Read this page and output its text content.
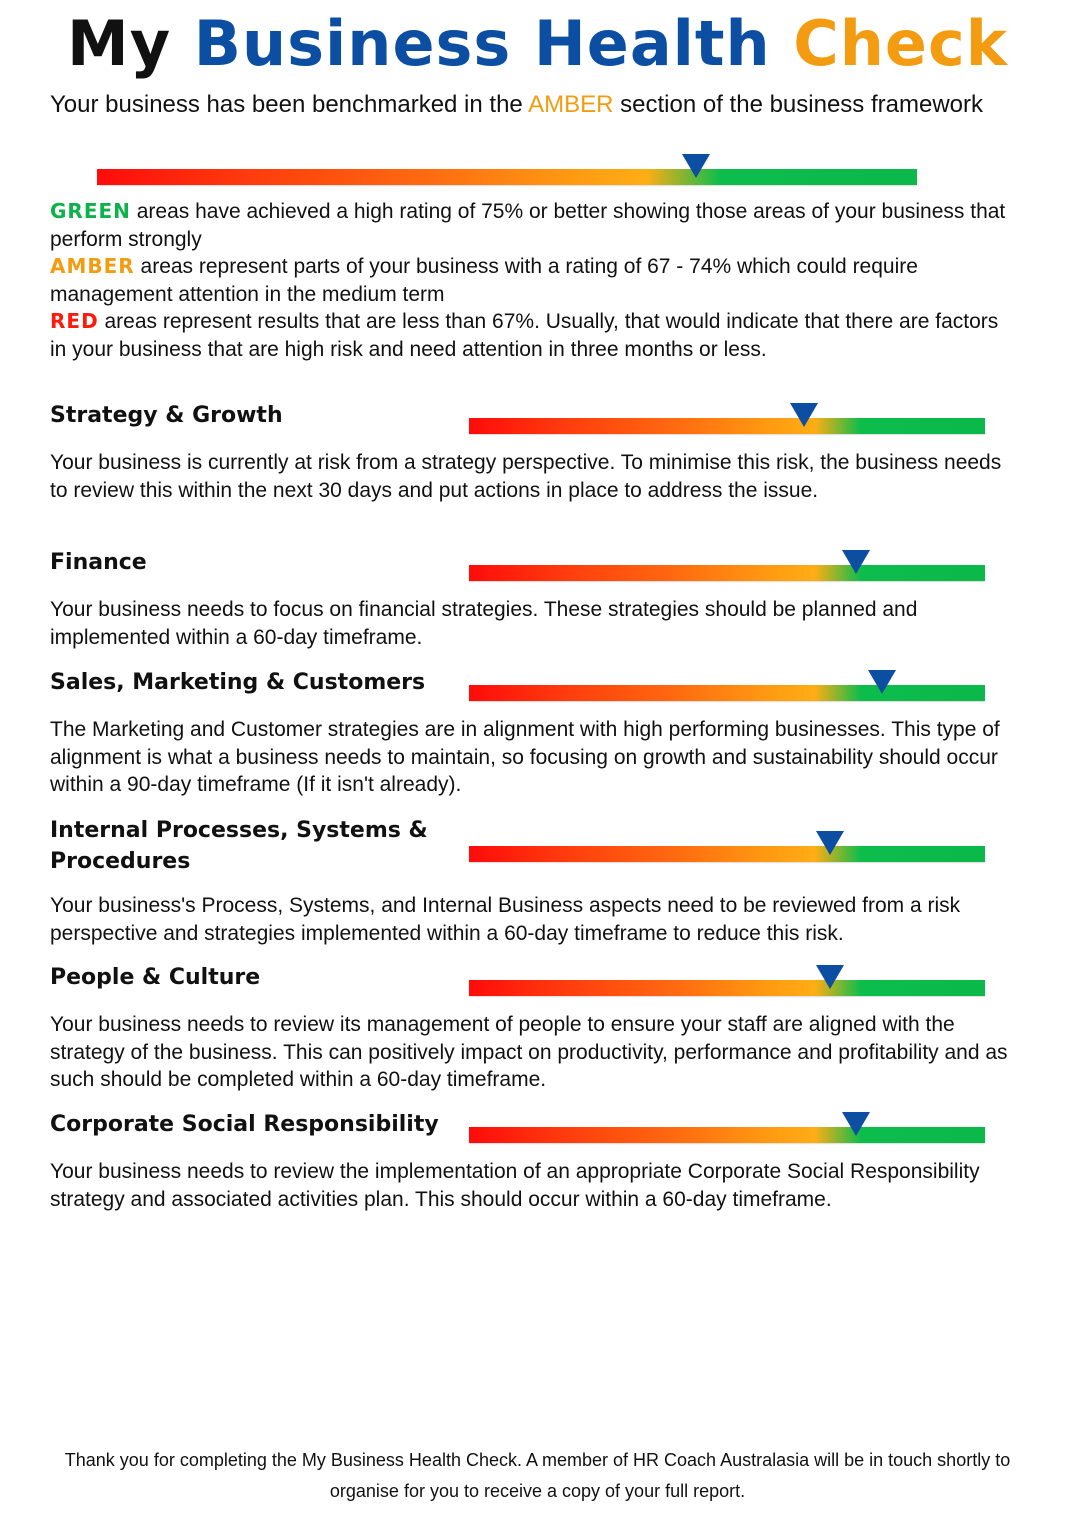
My Business Health Check

Your business has been benchmarked in the AMBER section of the business framework

GREEN areas have achieved a high rating of 75% or better showing those areas of your business that perform strongly
AMBER areas represent parts of your business with a rating of 67 - 74% which could require management attention in the medium term
RED areas represent results that are less than 67%. Usually, that would indicate that there are factors in your business that are high risk and need attention in three months or less.
Strategy & Growth

Your business is currently at risk from a strategy perspective. To minimise this risk, the business needs to review this within the next 30 days and put actions in place to address the issue.

Finance

Your business needs to focus on financial strategies. These strategies should be planned and implemented within a 60-day timeframe.

Sales, Marketing & Customers

The Marketing and Customer strategies are in alignment with high performing businesses. This type of alignment is what a business needs to maintain, so focusing on growth and sustainability should occur within a 90-day timeframe (If it isn't already).

Internal Processes, Systems & Procedures

Your business's Process, Systems, and Internal Business aspects need to be reviewed from a risk perspective and strategies implemented within a 60-day timeframe to reduce this risk.

People & Culture

Your business needs to review its management of people to ensure your staff are aligned with the strategy of the business. This can positively impact on productivity, performance and profitability and as such should be completed within a 60-day timeframe.

Corporate Social Responsibility

Your business needs to review the implementation of an appropriate Corporate Social Responsibility strategy and associated activities plan. This should occur within a 60-day timeframe.

Thank you for completing the My Business Health Check. A member of HR Coach Australasia will be in touch shortly to organise for you to receive a copy of your full report.
